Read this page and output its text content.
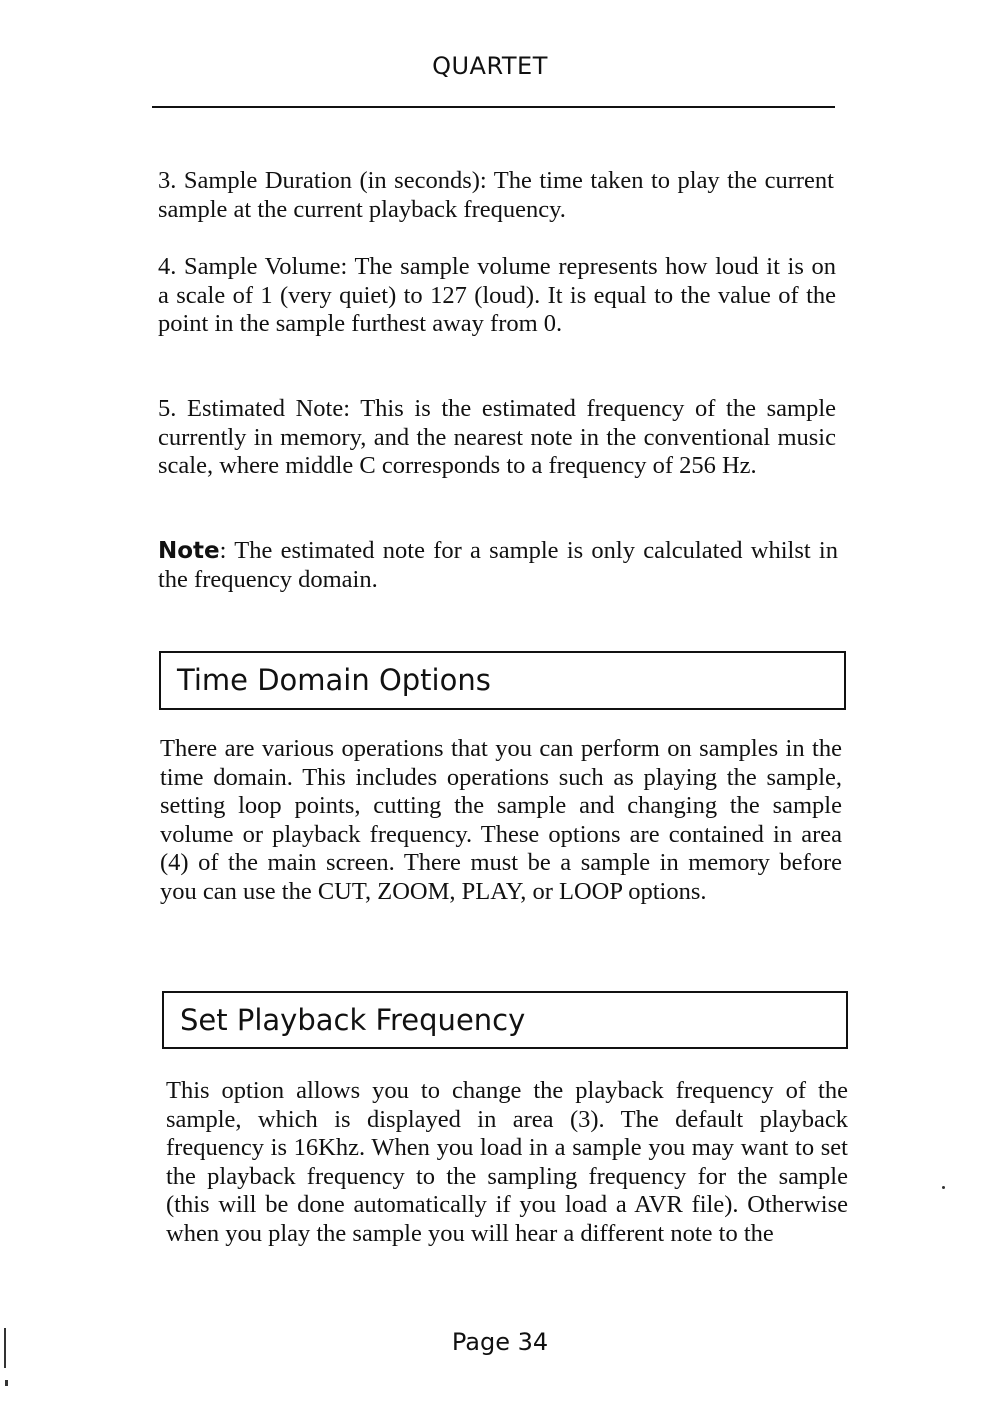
QUARTET
3. Sample Duration (in seconds): The time taken to play the current sample at the current playback frequency.
4. Sample Volume: The sample volume represents how loud it is on a scale of 1 (very quiet) to 127 (loud). It is equal to the value of the point in the sample furthest away from 0.
5. Estimated Note: This is the estimated frequency of the sample currently in memory, and the nearest note in the conventional music scale, where middle C corresponds to a frequency of 256 Hz.
Note: The estimated note for a sample is only calculated whilst in the frequency domain.
Time Domain Options
There are various operations that you can perform on samples in the time domain. This includes operations such as playing the sample, setting loop points, cutting the sample and changing the sample volume or playback frequency. These options are contained in area (4) of the main screen. There must be a sample in memory before you can use the CUT, ZOOM, PLAY, or LOOP options.
Set Playback Frequency
This option allows you to change the playback frequency of the sample, which is displayed in area (3). The default playback frequency is 16Khz. When you load in a sample you may want to set the playback frequency to the sampling frequency for the sample (this will be done automatically if you load a AVR file). Otherwise when you play the sample you will hear a different note to the
Page 34
